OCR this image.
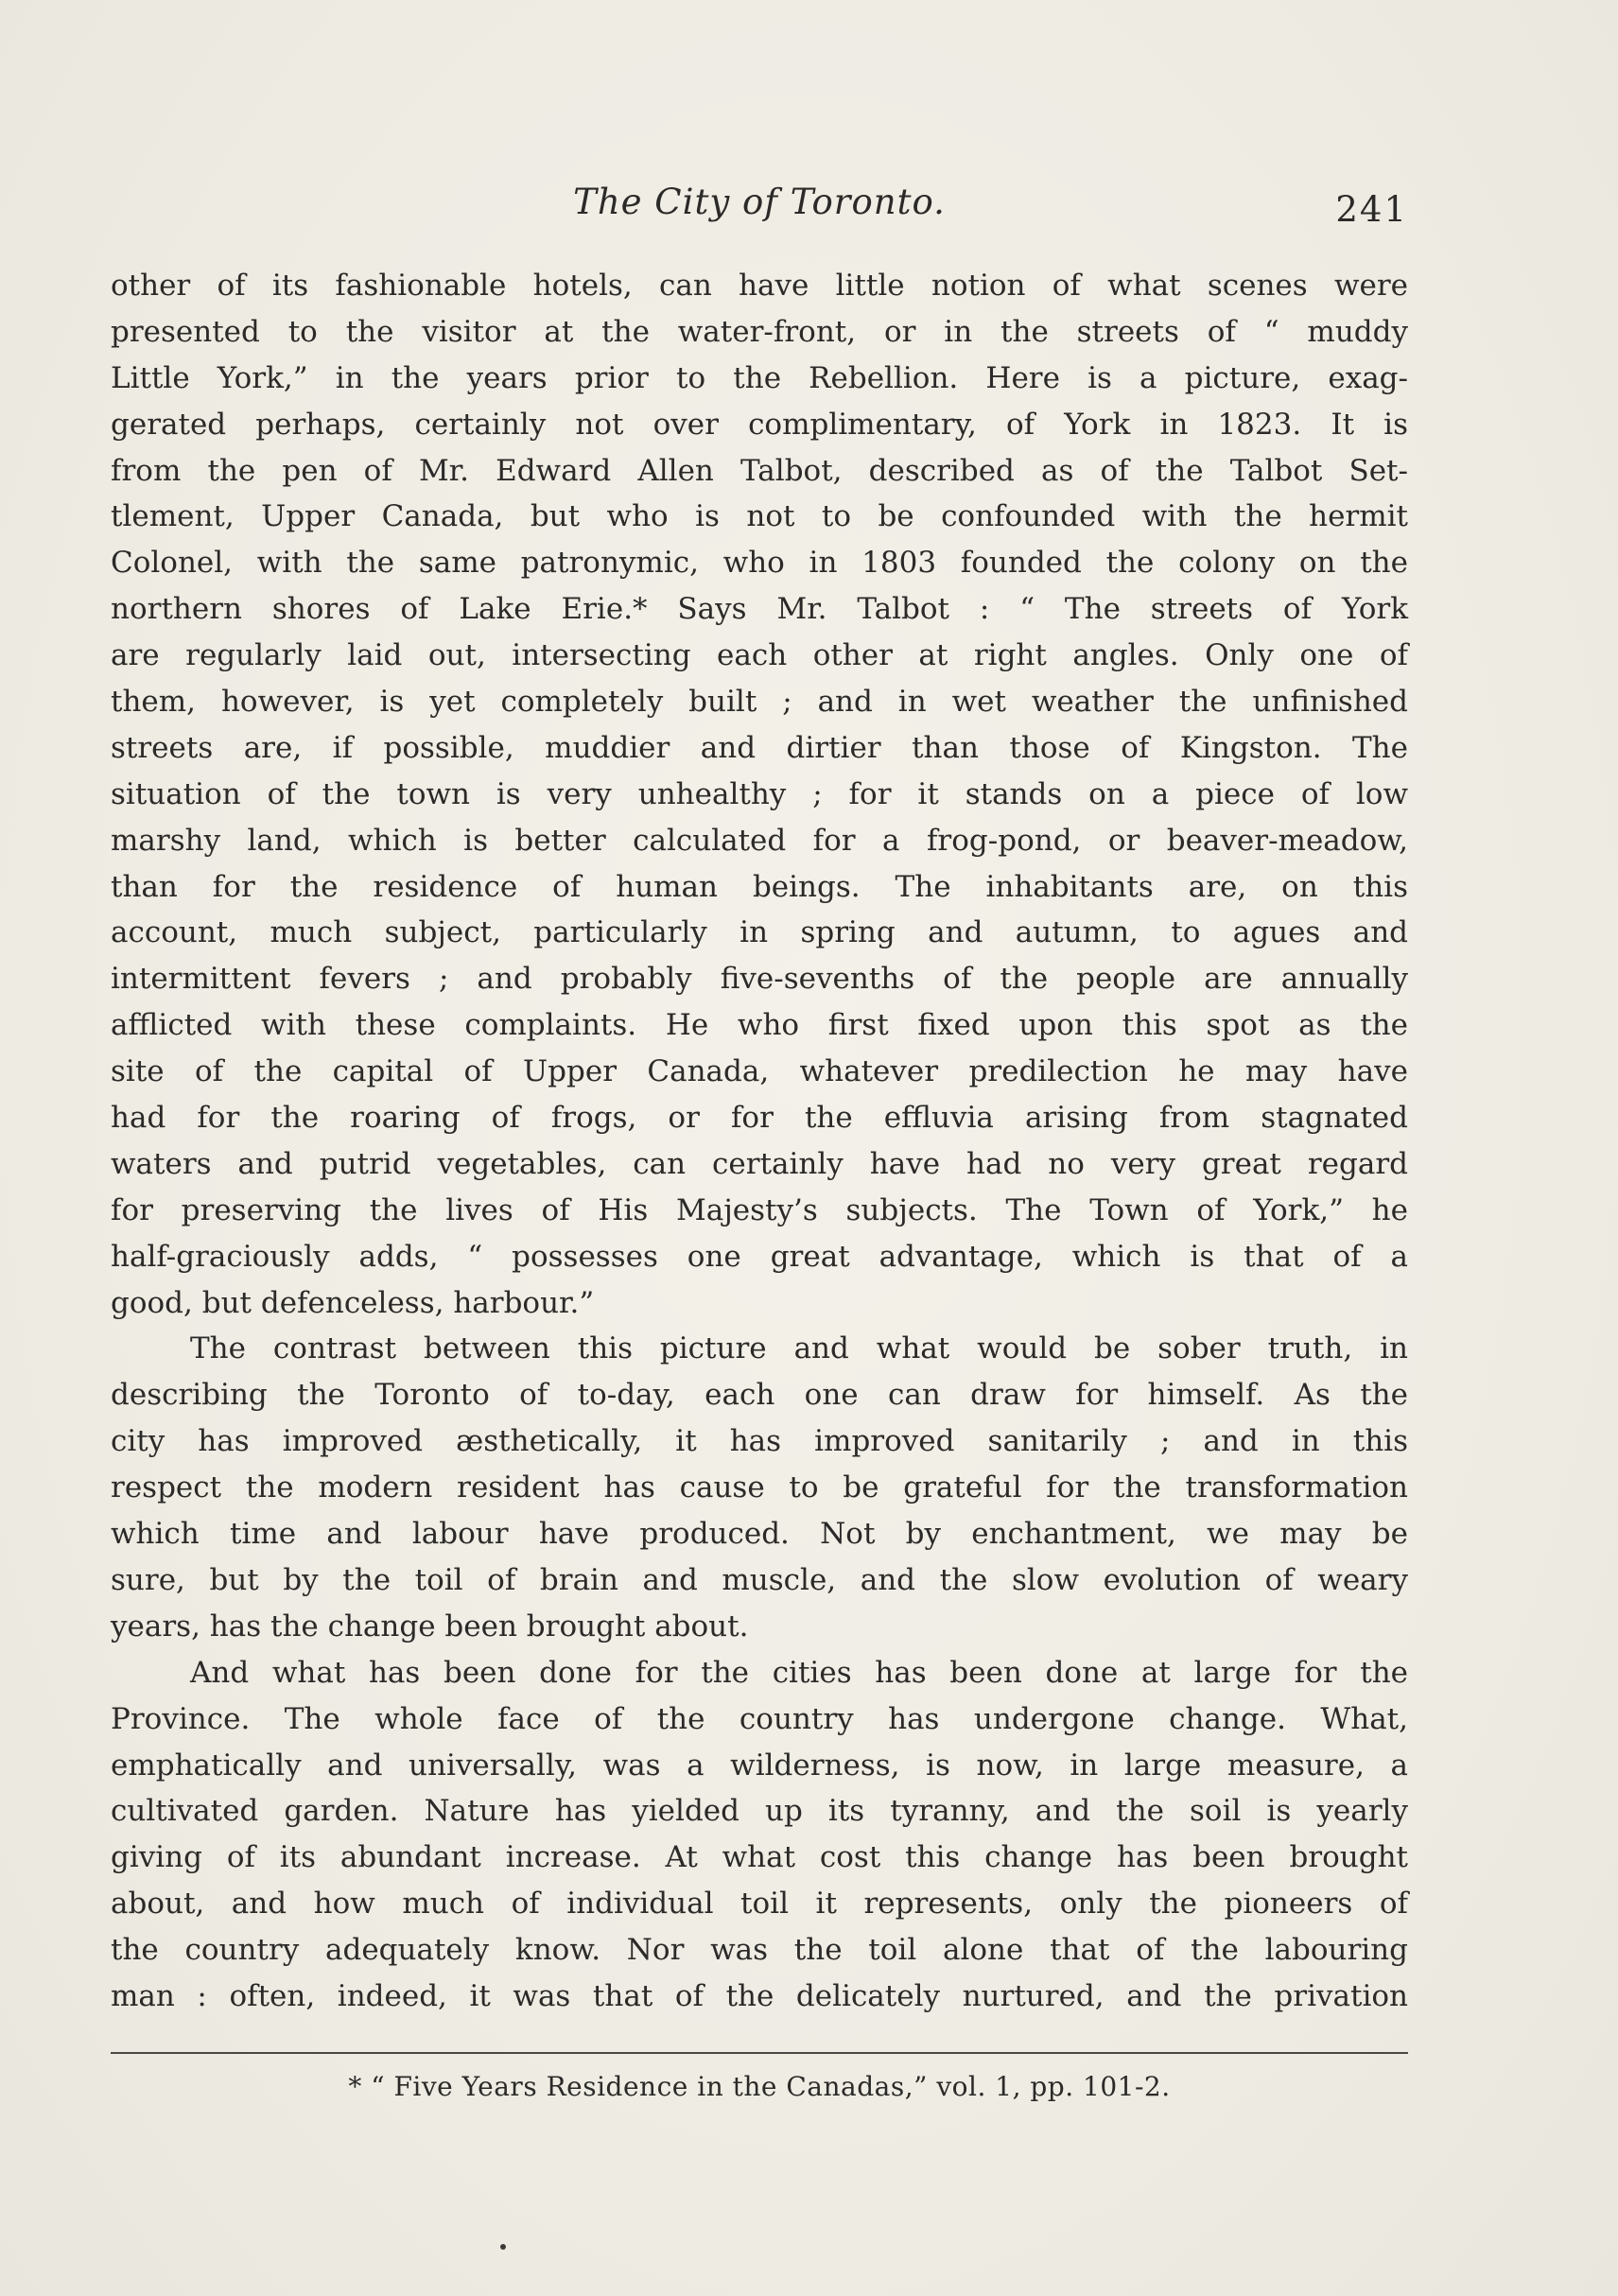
The City of Toronto.	241
other of its fashionable hotels, can have little notion of what scenes were
presented to the visitor at the water-front, or in the streets of “ muddy
Little York,” in the years prior to the Rebellion. Here is a picture, exag-
gerated perhaps, certainly not over complimentary, of York in 1823. It is
from the pen of Mr. Edward Allen Talbot, described as of the Talbot Set-
tlement, Upper Canada, but who is not to be confounded with the hermit
Colonel, with the same patronymic, who in 1803 founded the colony on the
northern shores of Lake Erie.* Says Mr. Talbot : “ The streets of York
are regularly laid out, intersecting each other at right angles. Only one of
them, however, is yet completely built ; and in wet weather the unfinished
streets are, if possible, muddier and dirtier than those of Kingston. The
situation of the town is very unhealthy ; for it stands on a piece of low
marshy land, which is better calculated for a frog-pond, or beaver-meadow,
than for the residence of human beings. The inhabitants are, on this
account, much subject, particularly in spring and autumn, to agues and
intermittent fevers ; and probably five-sevenths of the people are annually
afflicted with these complaints. He who first fixed upon this spot as the
site of the capital of Upper Canada, whatever predilection he may have
had for the roaring of frogs, or for the effluvia arising from stagnated
waters and putrid vegetables, can certainly have had no very great regard
for preserving the lives of His Majesty’s subjects. The Town of York,” he
half-graciously adds, “ possesses one great advantage, which is that of a
good, but defenceless, harbour.”
The contrast between this picture and what would be sober truth, in
describing the Toronto of to-day, each one can draw for himself. As the
city has improved æsthetically, it has improved sanitarily ; and in this
respect the modern resident has cause to be grateful for the transformation
which time and labour have produced. Not by enchantment, we may be
sure, but by the toil of brain and muscle, and the slow evolution of weary
years, has the change been brought about.
And what has been done for the cities has been done at large for the
Province. The whole face of the country has undergone change. What,
emphatically and universally, was a wilderness, is now, in large measure, a
cultivated garden. Nature has yielded up its tyranny, and the soil is yearly
giving of its abundant increase. At what cost this change has been brought
about, and how much of individual toil it represents, only the pioneers of
the country adequately know. Nor was the toil alone that of the labouring
man : often, indeed, it was that of the delicately nurtured, and the privation
* “ Five Years Residence in the Canadas,” vol. 1, pp. 101-2.
